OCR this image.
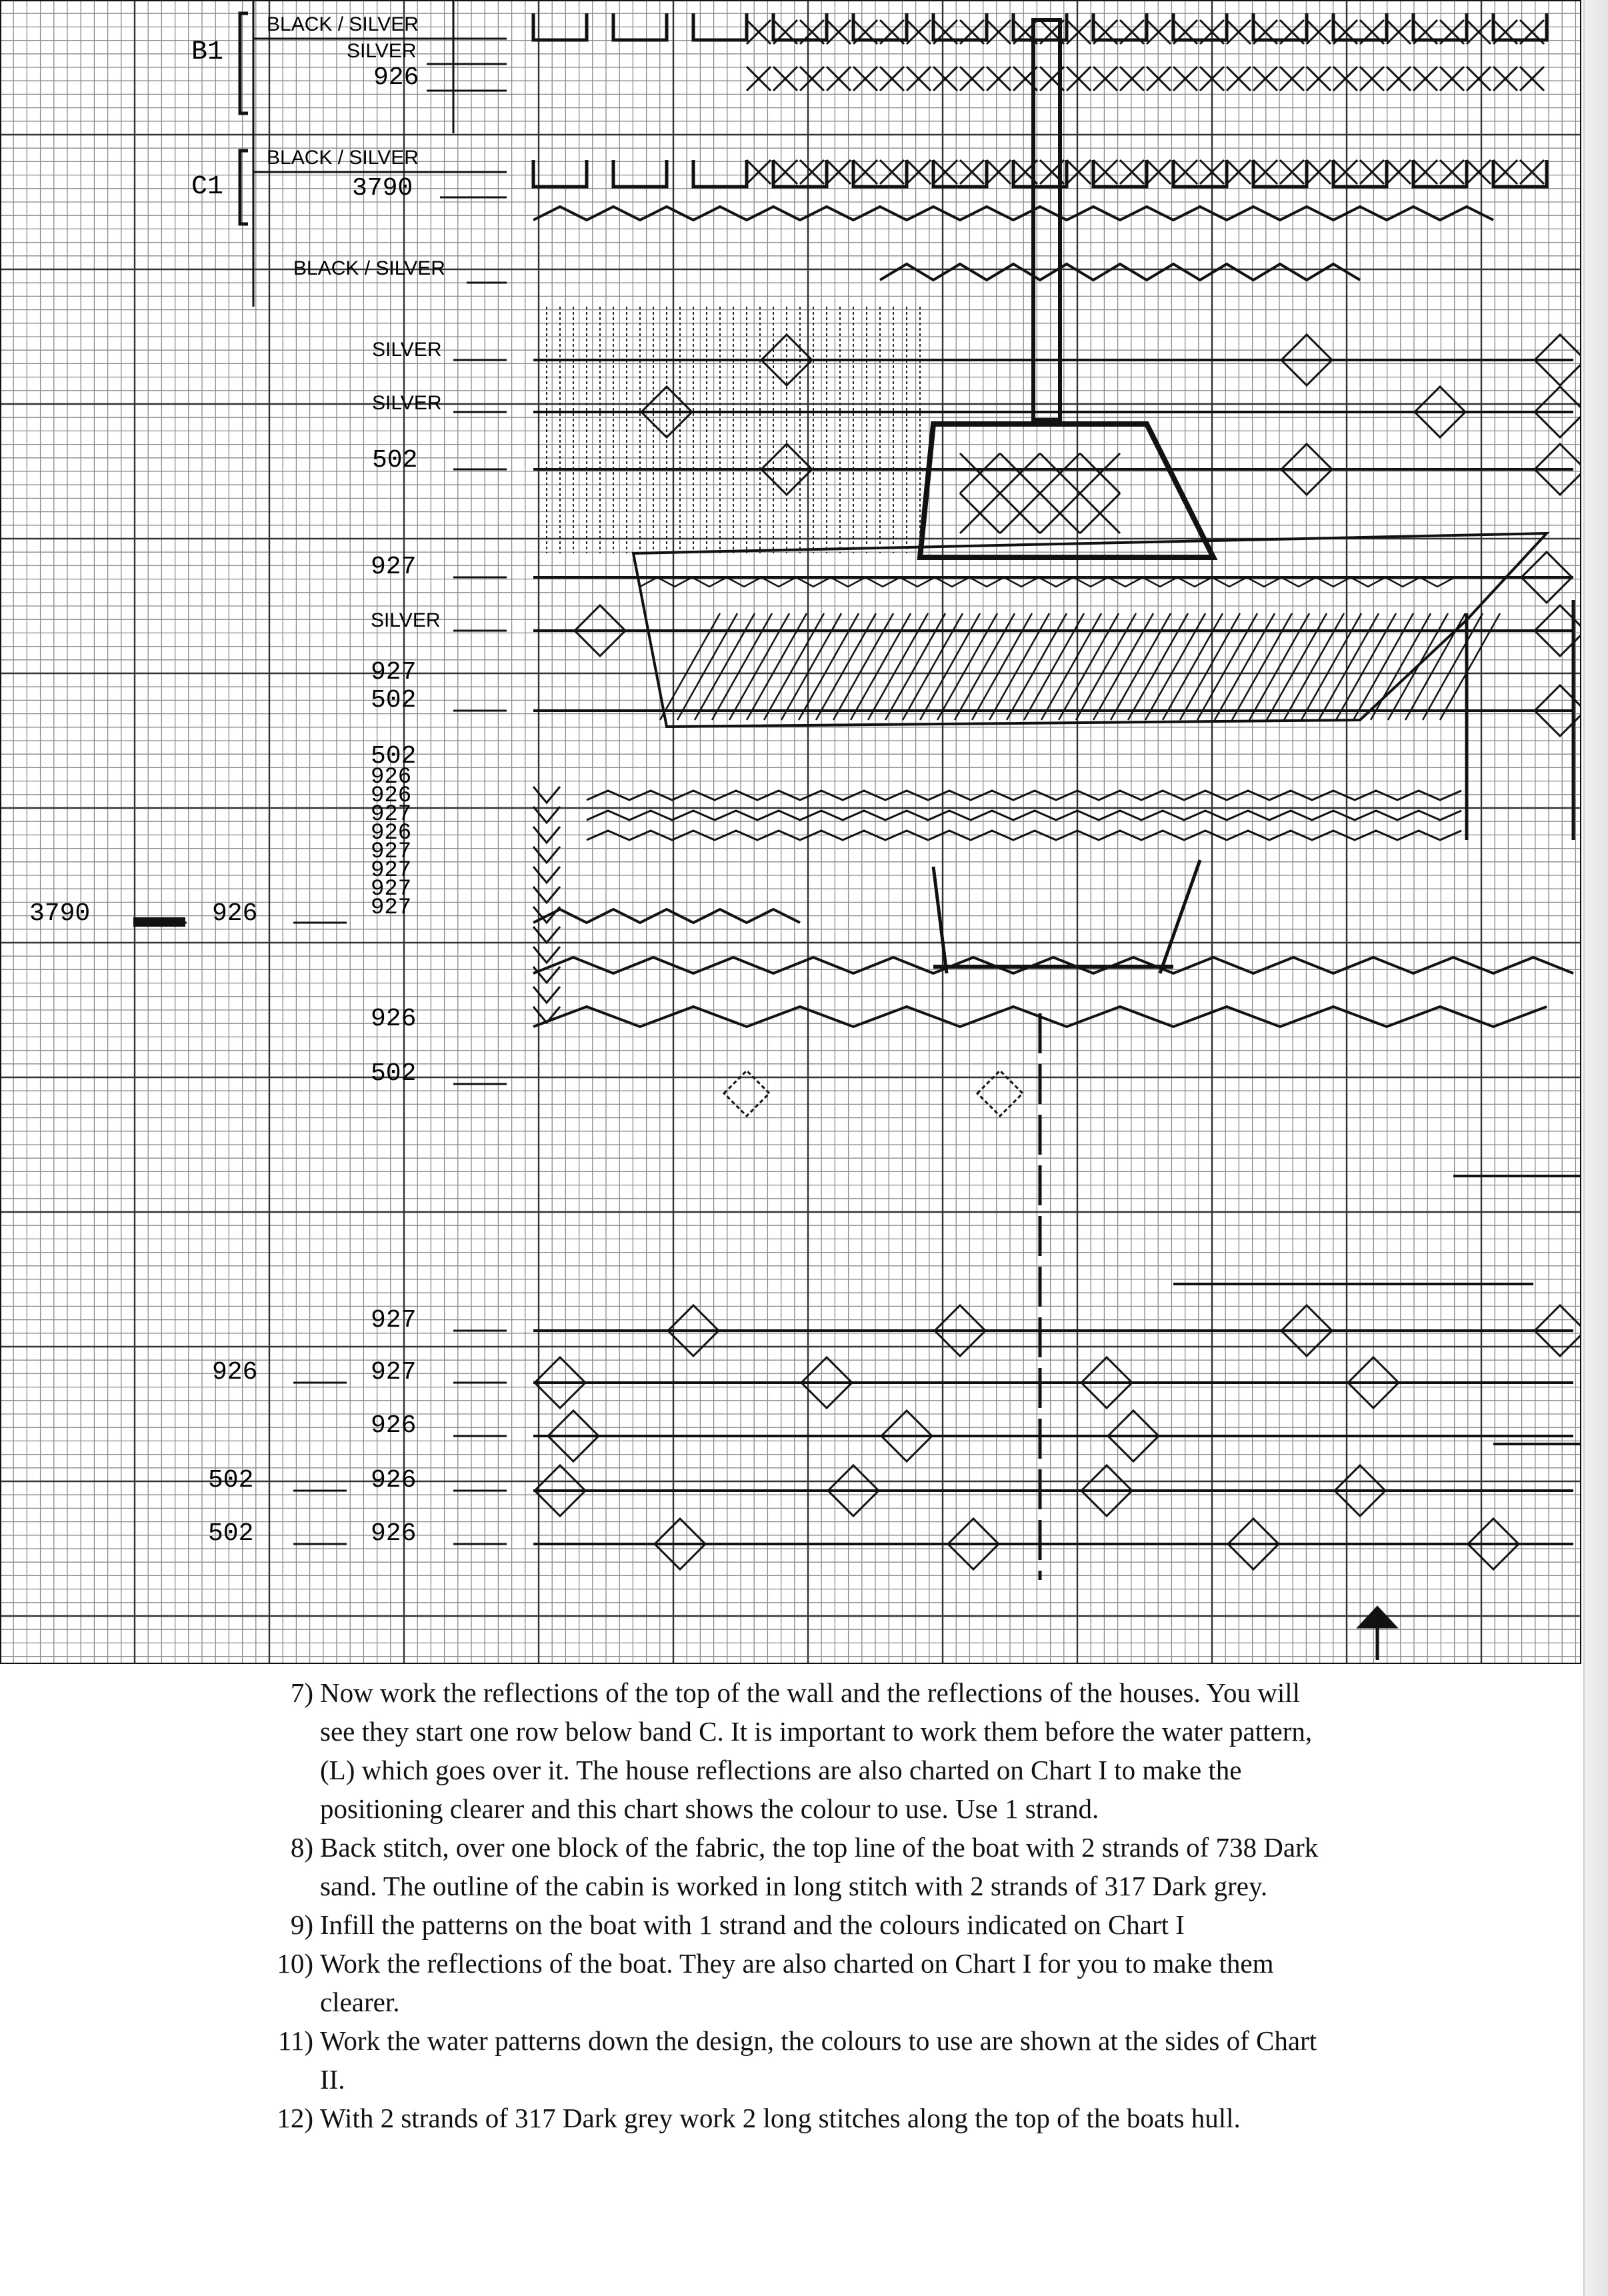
B1
C1
BLACK / SILVER
SILVER
926
BLACK / SILVER
3790
BLACK / SILVER
SILVER
SILVER
502
927
SILVER
927
502
502
926
926
927
926
927
927
927
927
926
502
927
927
926
926
926
3790	926
926
502
502
7) Now work the reflections of the top of the wall and the reflections of the houses. You will see they start one row below band C. It is important to work them before the water pattern, (L) which goes over it. The house reflections are also charted on Chart I to make the positioning clearer and this chart shows the colour to use. Use 1 strand.
8) Back stitch, over one block of the fabric, the top line of the boat with 2 strands of 738 Dark sand. The outline of the cabin is worked in long stitch with 2 strands of 317 Dark grey.
9) Infill the patterns on the boat with 1 strand and the colours indicated on Chart I
10) Work the reflections of the boat. They are also charted on Chart I for you to make them clearer.
11) Work the water patterns down the design, the colours to use are shown at the sides of Chart II.
12) With 2 strands of 317 Dark grey work 2 long stitches along the top of the boats hull.
